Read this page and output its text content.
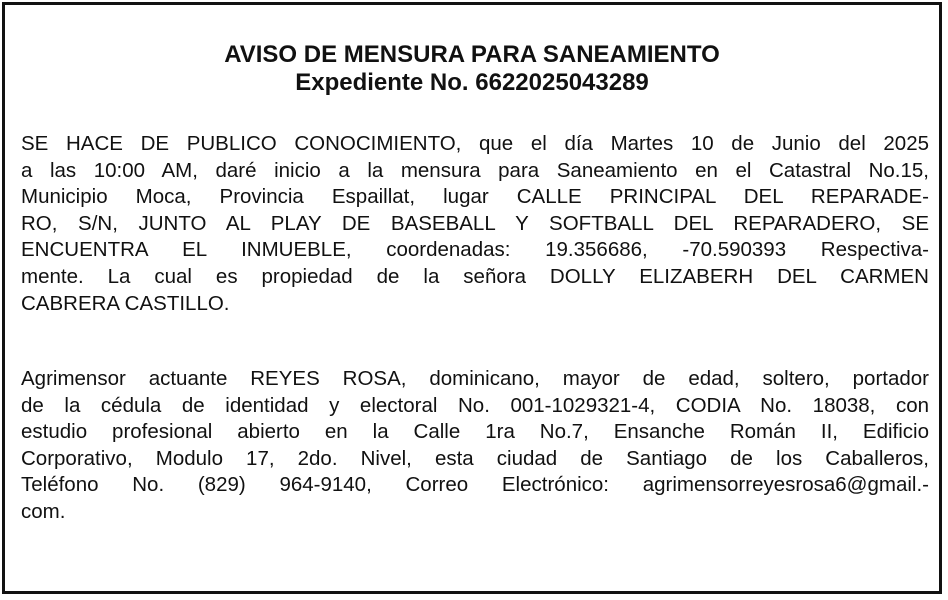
AVISO DE MENSURA PARA SANEAMIENTO
Expediente No. 6622025043289
SE HACE DE PUBLICO CONOCIMIENTO, que el día Martes 10 de Junio del 2025
a las 10:00 AM, daré inicio a la mensura para Saneamiento en el Catastral No.15,
Municipio Moca, Provincia Espaillat, lugar CALLE PRINCIPAL DEL REPARADE-
RO, S/N, JUNTO AL PLAY DE BASEBALL Y SOFTBALL DEL REPARADERO, SE
ENCUENTRA EL INMUEBLE, coordenadas: 19.356686, -70.590393 Respectiva-
mente. La cual es propiedad de la señora DOLLY ELIZABERH DEL CARMEN
CABRERA CASTILLO.
Agrimensor actuante REYES ROSA, dominicano, mayor de edad, soltero, portador
de la cédula de identidad y electoral No. 001-1029321-4, CODIA No. 18038, con
estudio profesional abierto en la Calle 1ra No.7, Ensanche Román II, Edificio
Corporativo, Modulo 17, 2do. Nivel, esta ciudad de Santiago de los Caballeros,
Teléfono No. (829) 964-9140, Correo Electrónico: agrimensorreyesrosa6@gmail.-
com.
